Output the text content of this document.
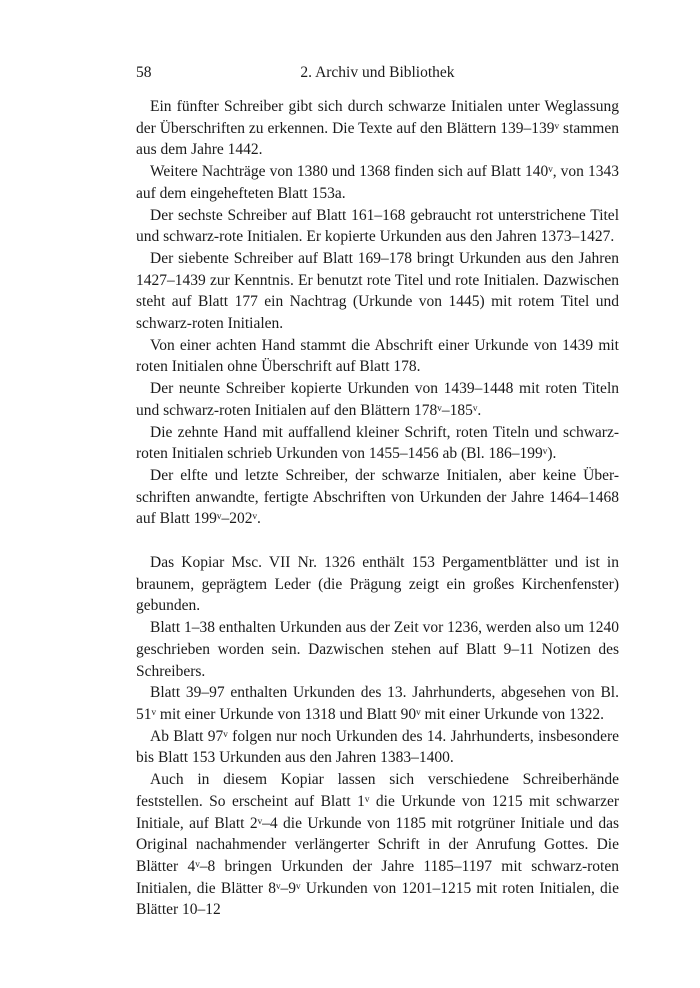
58	2. Archiv und Bibliothek

Ein fünfter Schreiber gibt sich durch schwarze Initialen unter Weglassung der Überschriften zu erkennen. Die Texte auf den Blättern 139–139ᵛ stammen aus dem Jahre 1442.

Weitere Nachträge von 1380 und 1368 finden sich auf Blatt 140ᵛ, von 1343 auf dem eingehefteten Blatt 153a.

Der sechste Schreiber auf Blatt 161–168 gebraucht rot unterstrichene Titel und schwarz-rote Initialen. Er kopierte Urkunden aus den Jahren 1373–1427.

Der siebente Schreiber auf Blatt 169–178 bringt Urkunden aus den Jahren 1427–1439 zur Kenntnis. Er benutzt rote Titel und rote Initialen. Dazwischen steht auf Blatt 177 ein Nachtrag (Urkunde von 1445) mit rotem Titel und schwarz-roten Initialen.

Von einer achten Hand stammt die Abschrift einer Urkunde von 1439 mit roten Initialen ohne Überschrift auf Blatt 178.

Der neunte Schreiber kopierte Urkunden von 1439–1448 mit roten Titeln und schwarz-roten Initialen auf den Blättern 178ᵛ–185ᵛ.

Die zehnte Hand mit auffallend kleiner Schrift, roten Titeln und schwarz-roten Initialen schrieb Urkunden von 1455–1456 ab (Bl. 186–199ᵛ).

Der elfte und letzte Schreiber, der schwarze Initialen, aber keine Über-schriften anwandte, fertigte Abschriften von Urkunden der Jahre 1464–1468 auf Blatt 199ᵛ–202ᵛ.

Das Kopiar Msc. VII Nr. 1326 enthält 153 Pergamentblätter und ist in braunem, geprägtem Leder (die Prägung zeigt ein großes Kirchenfenster) gebunden.

Blatt 1–38 enthalten Urkunden aus der Zeit vor 1236, werden also um 1240 geschrieben worden sein. Dazwischen stehen auf Blatt 9–11 Notizen des Schreibers.

Blatt 39–97 enthalten Urkunden des 13. Jahrhunderts, abgesehen von Bl. 51ᵛ mit einer Urkunde von 1318 und Blatt 90ᵛ mit einer Urkunde von 1322.

Ab Blatt 97ᵛ folgen nur noch Urkunden des 14. Jahrhunderts, insbesondere bis Blatt 153 Urkunden aus den Jahren 1383–1400.

Auch in diesem Kopiar lassen sich verschiedene Schreiberhände feststellen. So erscheint auf Blatt 1ᵛ die Urkunde von 1215 mit schwarzer Initiale, auf Blatt 2ᵛ–4 die Urkunde von 1185 mit rotgrüner Initiale und das Original nachahmender verlängerter Schrift in der Anrufung Gottes. Die Blätter 4ᵛ–8 bringen Urkunden der Jahre 1185–1197 mit schwarz-roten Initialen, die Blätter 8ᵛ–9ᵛ Urkunden von 1201–1215 mit roten Initialen, die Blätter 10–12
